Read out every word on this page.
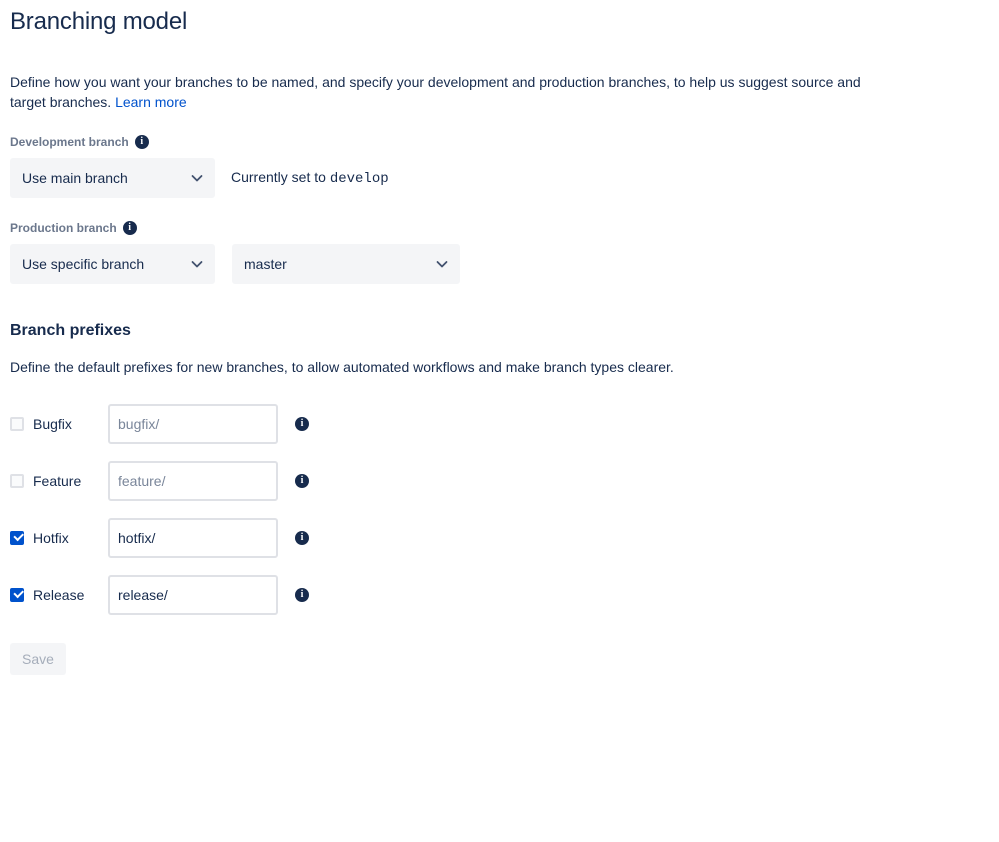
Branching model

Define how you want your branches to be named, and specify your development and production branches, to help us suggest source and target branches. Learn more

Development branch	i
Use main branch	Currently set to develop
Production branch	i
Use specific branch	master
Branch prefixes

Define the default prefixes for new branches, to allow automated workflows and make branch types clearer.

Bugfix
bugfix/	i
Feature
feature/	i
Hotfix
hotfix/	i
Release
release/	i
Save
